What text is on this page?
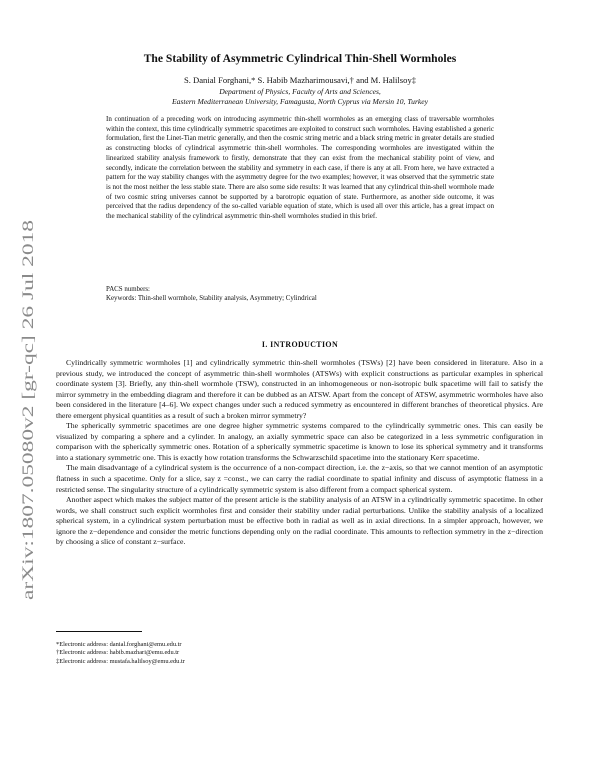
arXiv:1807.05080v2 [gr-qc] 26 Jul 2018
The Stability of Asymmetric Cylindrical Thin-Shell Wormholes
S. Danial Forghani,* S. Habib Mazharimousavi,† and M. Halilsoy‡
Department of Physics, Faculty of Arts and Sciences,
Eastern Mediterranean University, Famagusta, North Cyprus via Mersin 10, Turkey
In continuation of a preceding work on introducing asymmetric thin-shell wormholes as an emerging class of traversable wormholes within the context, this time cylindrically symmetric spacetimes are exploited to construct such wormholes. Having established a generic formulation, first the Linet-Tian metric generally, and then the cosmic string metric and a black string metric in greater details are studied as constructing blocks of cylindrical asymmetric thin-shell wormholes. The corresponding wormholes are investigated within the linearized stability analysis framework to firstly, demonstrate that they can exist from the mechanical stability point of view, and secondly, indicate the correlation between the stability and symmetry in each case, if there is any at all. From here, we have extracted a pattern for the way stability changes with the asymmetry degree for the two examples; however, it was observed that the symmetric state is not the most neither the less stable state. There are also some side results: It was learned that any cylindrical thin-shell wormhole made of two cosmic string universes cannot be supported by a barotropic equation of state. Furthermore, as another side outcome, it was perceived that the radius dependency of the so-called variable equation of state, which is used all over this article, has a great impact on the mechanical stability of the cylindrical asymmetric thin-shell wormholes studied in this brief.
PACS numbers:
Keywords: Thin-shell wormhole, Stability analysis, Asymmetry; Cylindrical
I. INTRODUCTION

Cylindrically symmetric wormholes [1] and cylindrically symmetric thin-shell wormholes (TSWs) [2] have been considered in literature. Also in a previous study, we introduced the concept of asymmetric thin-shell wormholes (ATSWs) with explicit constructions as particular examples in spherical coordinate system [3]. Briefly, any thin-shell wormhole (TSW), constructed in an inhomogeneous or non-isotropic bulk spacetime will fail to satisfy the mirror symmetry in the embedding diagram and therefore it can be dubbed as an ATSW. Apart from the concept of ATSW, asymmetric wormholes have also been considered in the literature [4–6]. We expect changes under such a reduced symmetry as encountered in different branches of theoretical physics. Are there emergent physical quantities as a result of such a broken mirror symmetry?

The spherically symmetric spacetimes are one degree higher symmetric systems compared to the cylindrically symmetric ones. This can easily be visualized by comparing a sphere and a cylinder. In analogy, an axially symmetric space can also be categorized in a less symmetric configuration in comparison with the spherically symmetric ones. Rotation of a spherically symmetric spacetime is known to lose its spherical symmetry and it transforms into a stationary symmetric one. This is exactly how rotation transforms the Schwarzschild spacetime into the stationary Kerr spacetime.

The main disadvantage of a cylindrical system is the occurrence of a non-compact direction, i.e. the z−axis, so that we cannot mention of an asymptotic flatness in such a spacetime. Only for a slice, say z =const., we can carry the radial coordinate to spatial infinity and discuss of asymptotic flatness in a restricted sense. The singularity structure of a cylindrically symmetric system is also different from a compact spherical system.

Another aspect which makes the subject matter of the present article is the stability analysis of an ATSW in a cylindrically symmetric spacetime. In other words, we shall construct such explicit wormholes first and consider their stability under radial perturbations. Unlike the stability analysis of a localized spherical system, in a cylindrical system perturbation must be effective both in radial as well as in axial directions. In a simpler approach, however, we ignore the z−dependence and consider the metric functions depending only on the radial coordinate. This amounts to reflection symmetry in the z−direction by choosing a slice of constant z−surface.

*Electronic address: danial.forghani@emu.edu.tr
†Electronic address: habib.mazhari@emu.edu.tr
‡Electronic address: mustafa.halilsoy@emu.edu.tr
